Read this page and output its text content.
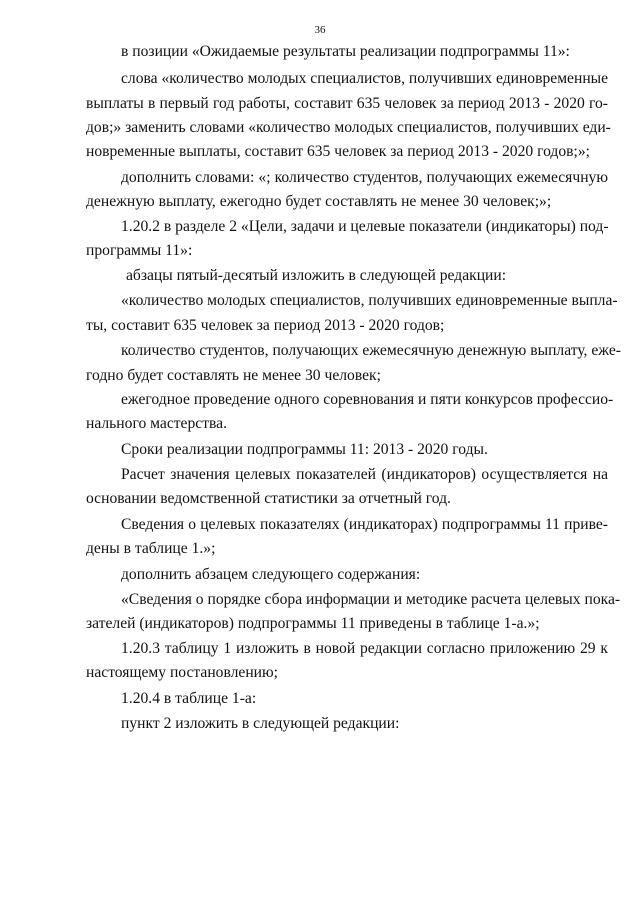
36
в позиции «Ожидаемые результаты реализации подпрограммы 11»:
слова «количество молодых специалистов, получивших единовременные
выплаты в первый год работы, составит 635 человек за период 2013 - 2020 го-
дов;» заменить словами «количество молодых специалистов, получивших еди-
новременные выплаты, составит 635 человек за период 2013 - 2020 годов;»;
дополнить словами: «; количество студентов, получающих ежемесячную
денежную выплату, ежегодно будет составлять не менее 30 человек;»;
1.20.2 в разделе 2 «Цели, задачи и целевые показатели (индикаторы) под-
программы 11»:
абзацы пятый-десятый изложить в следующей редакции:
«количество молодых специалистов, получивших единовременные выпла-
ты, составит 635 человек за период 2013 - 2020 годов;
количество студентов, получающих ежемесячную денежную выплату, еже-
годно будет составлять не менее 30 человек;
ежегодное проведение одного соревнования и пяти конкурсов профессио-
нального мастерства.
Сроки реализации подпрограммы 11: 2013 - 2020 годы.
Расчет значения целевых показателей (индикаторов) осуществляется на
основании ведомственной статистики за отчетный год.
Сведения о целевых показателях (индикаторах) подпрограммы 11 приве-
дены в таблице 1.»;
дополнить абзацем следующего содержания:
«Сведения о порядке сбора информации и методике расчета целевых пока-
зателей (индикаторов) подпрограммы 11 приведены в таблице 1-а.»;
1.20.3 таблицу 1 изложить в новой редакции согласно приложению 29 к
настоящему постановлению;
1.20.4 в таблице 1-а:
пункт 2 изложить в следующей редакции:
